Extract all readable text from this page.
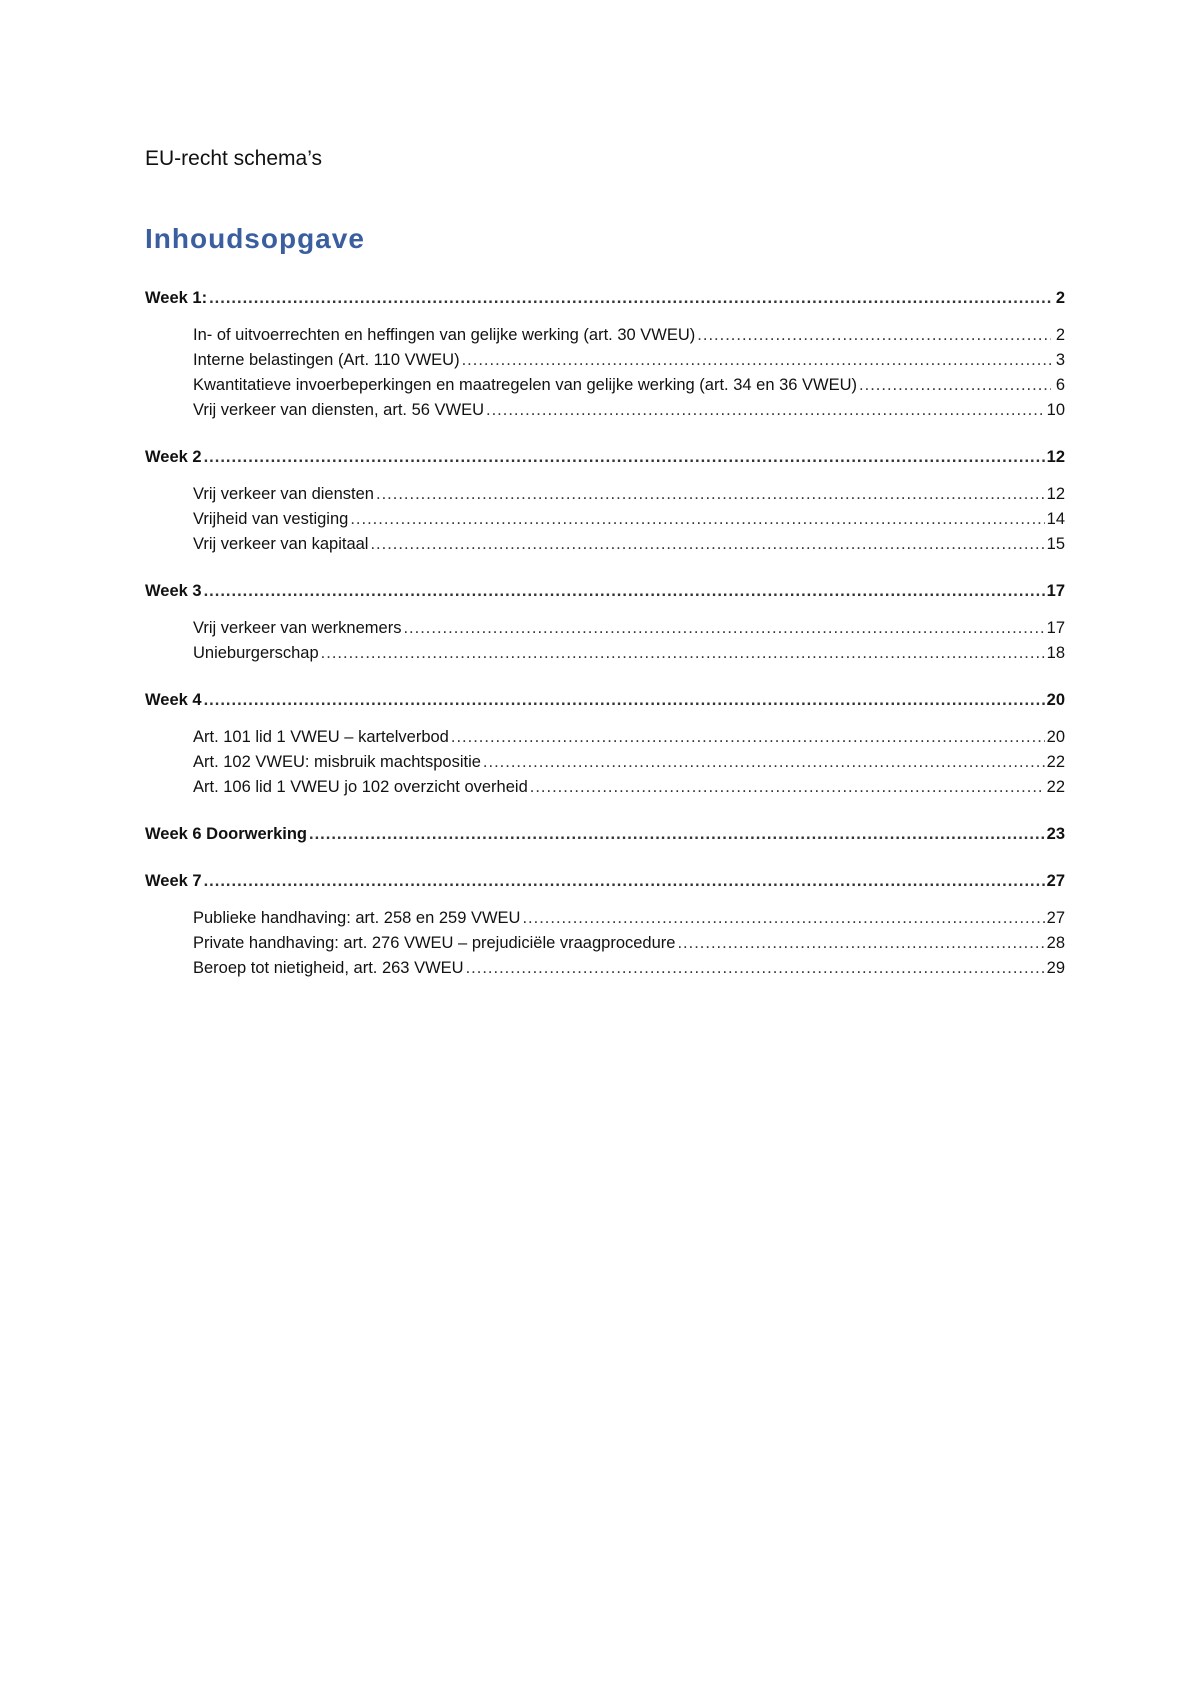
EU-recht schema’s
Inhoudsopgave
Week 1: .....	2
In- of uitvoerrechten en heffingen van gelijke werking (art. 30 VWEU) .....	2
Interne belastingen (Art. 110 VWEU) .....	3
Kwantitatieve invoerbeperkingen en maatregelen van gelijke werking (art. 34 en 36 VWEU) .....	6
Vrij verkeer van diensten, art. 56 VWEU .....	10
Week 2 .....	12
Vrij verkeer van diensten .....	12
Vrijheid van vestiging .....	14
Vrij verkeer van kapitaal .....	15
Week 3 .....	17
Vrij verkeer van werknemers .....	17
Unieburgerschap .....	18
Week 4 .....	20
Art. 101 lid 1 VWEU – kartelverbod .....	20
Art. 102 VWEU: misbruik machtspositie .....	22
Art. 106 lid 1 VWEU jo 102 overzicht overheid .....	22
Week 6 Doorwerking .....	23
Week 7 .....	27
Publieke handhaving: art. 258 en 259 VWEU .....	27
Private handhaving: art. 276 VWEU – prejudiciële vraagprocedure .....	28
Beroep tot nietigheid, art. 263 VWEU .....	29
